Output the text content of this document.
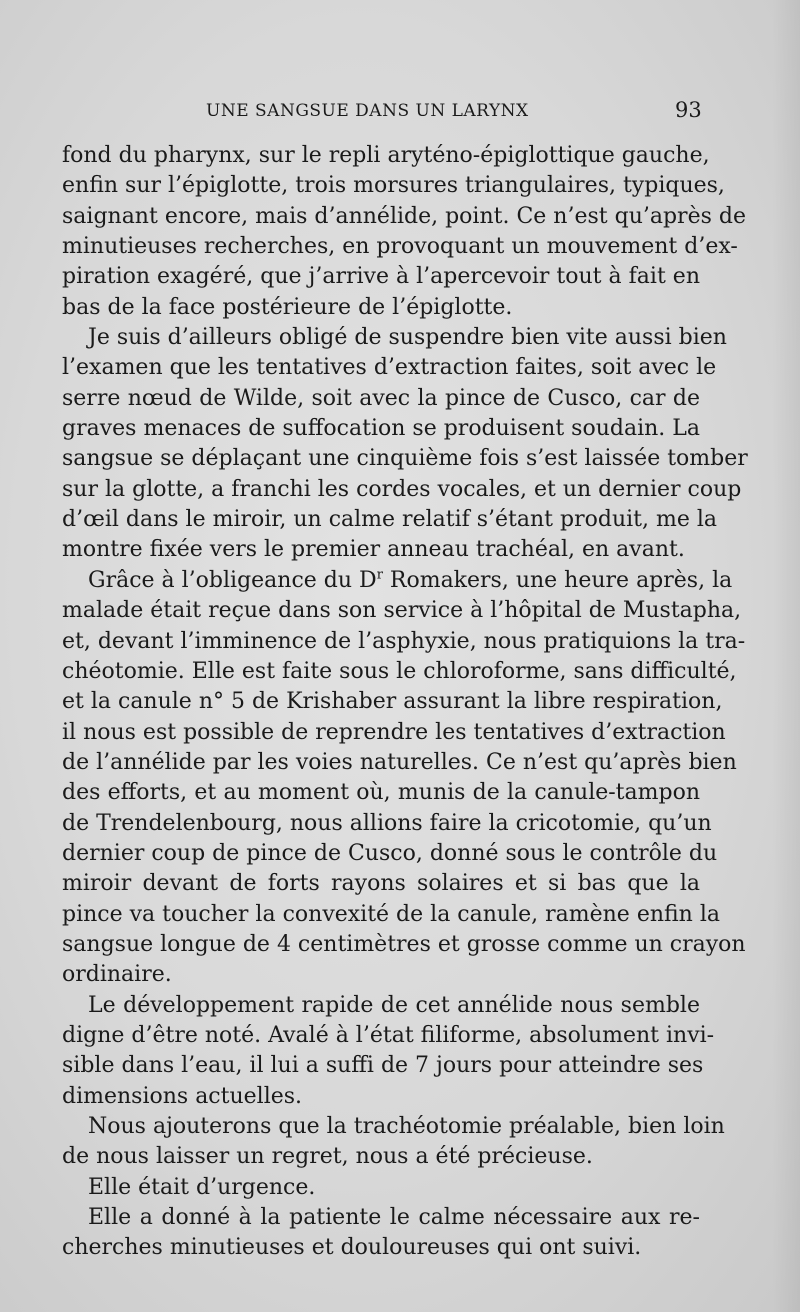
UNE SANGSUE DANS UN LARYNX	93
fond du pharynx, sur le repli aryténo-épiglottique gauche,
enfin sur l’épiglotte, trois morsures triangulaires, typiques,
saignant encore, mais d’annélide, point. Ce n’est qu’après de
minutieuses recherches, en provoquant un mouvement d’ex-
piration exagéré, que j’arrive à l’apercevoir tout à fait en
bas de la face postérieure de l’épiglotte.
Je suis d’ailleurs obligé de suspendre bien vite aussi bien
l’examen que les tentatives d’extraction faites, soit avec le
serre nœud de Wilde, soit avec la pince de Cusco, car de
graves menaces de suffocation se produisent soudain. La
sangsue se déplaçant une cinquième fois s’est laissée tomber
sur la glotte, a franchi les cordes vocales, et un dernier coup
d’œil dans le miroir, un calme relatif s’étant produit, me la
montre fixée vers le premier anneau trachéal, en avant.
Grâce à l’obligeance du $D^r$ Romakers, une heure après, la
malade était reçue dans son service à l’hôpital de Mustapha,
et, devant l’imminence de l’asphyxie, nous pratiquions la tra-
chéotomie. Elle est faite sous le chloroforme, sans difficulté,
et la canule n° 5 de Krishaber assurant la libre respiration,
il nous est possible de reprendre les tentatives d’extraction
de l’annélide par les voies naturelles. Ce n’est qu’après bien
des efforts, et au moment où, munis de la canule-tampon
de Trendelenbourg, nous allions faire la cricotomie, qu’un
dernier coup de pince de Cusco, donné sous le contrôle du
miroir devant de forts rayons solaires et si bas que la
pince va toucher la convexité de la canule, ramène enfin la
sangsue longue de 4 centimètres et grosse comme un crayon
ordinaire.
Le développement rapide de cet annélide nous semble
digne d’être noté. Avalé à l’état filiforme, absolument invi-
sible dans l’eau, il lui a suffi de 7 jours pour atteindre ses
dimensions actuelles.
Nous ajouterons que la trachéotomie préalable, bien loin
de nous laisser un regret, nous a été précieuse.
Elle était d’urgence.
Elle a donné à la patiente le calme nécessaire aux re-
cherches minutieuses et douloureuses qui ont suivi.
